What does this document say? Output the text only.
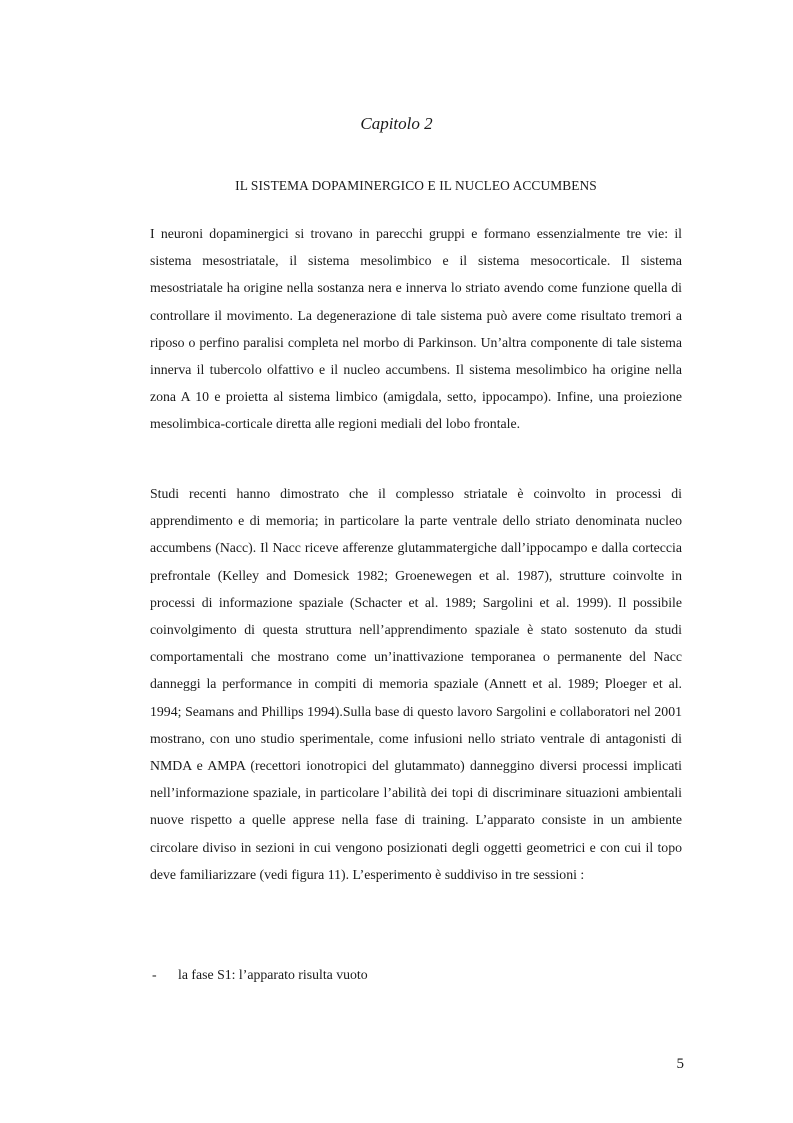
Capitolo 2
IL SISTEMA DOPAMINERGICO E IL NUCLEO ACCUMBENS

I neuroni dopaminergici si trovano in parecchi gruppi e formano essenzialmente tre vie: il sistema mesostriatale, il sistema mesolimbico e il sistema mesocorticale. Il sistema mesostriatale ha origine nella sostanza nera e innerva lo striato avendo come funzione quella di controllare il movimento. La degenerazione di tale sistema può avere come risultato tremori a riposo o perfino paralisi completa nel morbo di Parkinson. Un’altra componente di tale sistema innerva il tubercolo olfattivo e il nucleo accumbens. Il sistema mesolimbico ha origine nella zona A 10 e proietta al sistema limbico (amigdala, setto, ippocampo). Infine, una proiezione mesolimbica-corticale diretta alle regioni mediali del lobo frontale.

Studi recenti hanno dimostrato che il complesso striatale è coinvolto in processi di apprendimento e di memoria; in particolare la parte ventrale dello striato denominata nucleo accumbens (Nacc). Il Nacc riceve afferenze glutammatergiche dall’ippocampo e dalla corteccia prefrontale (Kelley and Domesick 1982; Groenewegen et al. 1987), strutture coinvolte in processi di informazione spaziale (Schacter et al. 1989; Sargolini et al. 1999). Il possibile coinvolgimento di questa struttura nell’apprendimento spaziale è stato sostenuto da studi comportamentali che mostrano come un’inattivazione temporanea o permanente del Nacc danneggi la performance in compiti di memoria spaziale (Annett et al. 1989; Ploeger et al. 1994; Seamans and Phillips 1994).Sulla base di questo lavoro Sargolini e collaboratori nel 2001 mostrano, con uno studio sperimentale, come infusioni nello striato ventrale di antagonisti di NMDA e AMPA (recettori ionotropici del glutammato) danneggino diversi processi implicati nell’informazione spaziale, in particolare l’abilità dei topi di discriminare situazioni ambientali nuove rispetto a quelle apprese nella fase di training. L’apparato consiste in un ambiente circolare diviso in sezioni in cui vengono posizionati degli oggetti geometrici e con cui il topo deve familiarizzare (vedi figura 11). L’esperimento è suddiviso in tre sessioni :

- la fase S1: l’apparato risulta vuoto
5
